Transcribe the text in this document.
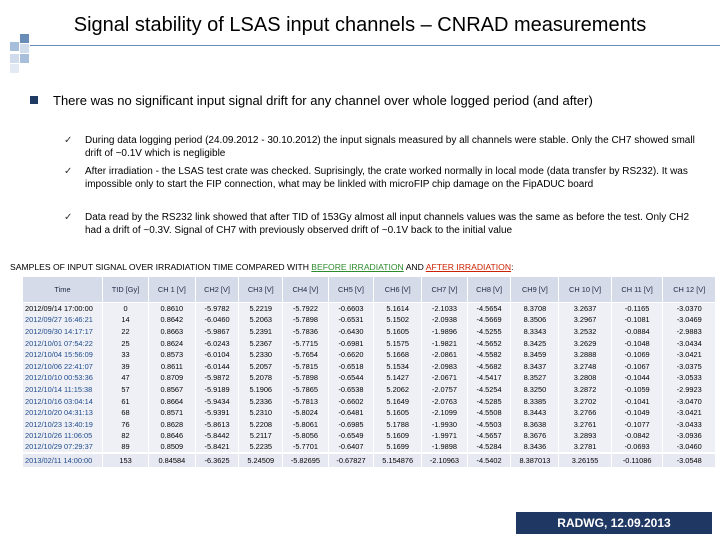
Signal stability of LSAS input channels – CNRAD measurements
There was no significant input signal drift for any channel over whole logged period (and after)
✓ During data logging period (24.09.2012 - 30.10.2012) the input signals measured by all channels were stable. Only the CH7 showed small drift of ~0.1V which is negligible
✓ After irradiation - the LSAS test crate was checked. Suprisingly, the crate worked normally in local mode (data transfer by RS232). It was impossible only to start the FIP connection, what may be linkled with microFIP chip damage on the FipADUC board
✓ Data read by the RS232 link showed that after TID of 153Gy almost all input channels values was the same as before the test. Only CH2 had a drift of ~0.3V. Signal of CH7 with previously observed drift of ~0.1V back to the initial value
SAMPLES OF INPUT SIGNAL OVER IRRADIATION TIME COMPARED WITH BEFORE IRRADIATION AND AFTER IRRADIATION:
Time	TID [Gy]	CH 1 [V]	CH2 [V]	CH3 [V]	CH4 [V]	CH5 [V]	CH6 [V]	CH7 [V]	CH8 [V]	CH9 [V]	CH 10 [V]	CH 11 [V]	CH 12 [V]
2012/09/14 17:00:00	0	0.8610	-5.9782	5.2219	-5.7922	-0.6603	5.1614	-2.1033	-4.5654	8.3708	3.2637	-0.1165	-3.0370
2012/09/27 16:46:21	14	0.8642	-6.0460	5.2063	-5.7898	-0.6531	5.1502	-2.0938	-4.5669	8.3506	3.2967	-0.1081	-3.0469
2012/09/30 14:17:17	22	0.8663	-5.9867	5.2391	-5.7836	-0.6430	5.1605	-1.9896	-4.5255	8.3343	3.2532	-0.0884	-2.9883
2012/10/01 07:54:22	25	0.8624	-6.0243	5.2367	-5.7715	-0.6981	5.1575	-1.9821	-4.5652	8.3425	3.2629	-0.1048	-3.0434
2012/10/04 15:56:09	33	0.8573	-6.0104	5.2330	-5.7654	-0.6620	5.1668	-2.0861	-4.5582	8.3459	3.2888	-0.1069	-3.0421
2012/10/06 22:41:07	39	0.8611	-6.0144	5.2057	-5.7815	-0.6518	5.1534	-2.0983	-4.5682	8.3437	3.2748	-0.1067	-3.0375
2012/10/10 00:53:36	47	0.8709	-5.9872	5.2078	-5.7898	-0.6544	5.1427	-2.0671	-4.5417	8.3527	3.2808	-0.1044	-3.0533
2012/10/14 11:15:38	57	0.8567	-5.9189	5.1906	-5.7865	-0.6538	5.2062	-2.0757	-4.5254	8.3250	3.2872	-0.1059	-2.9923
2012/10/16 03:04:14	61	0.8664	-5.9434	5.2336	-5.7813	-0.6602	5.1649	-2.0763	-4.5285	8.3385	3.2702	-0.1041	-3.0470
2012/10/20 04:31:13	68	0.8571	-5.9391	5.2310	-5.8024	-0.6481	5.1605	-2.1099	-4.5508	8.3443	3.2766	-0.1049	-3.0421
2012/10/23 13:40:19	76	0.8628	-5.8613	5.2208	-5.8061	-0.6985	5.1788	-1.9930	-4.5503	8.3638	3.2761	-0.1077	-3.0433
2012/10/26 11:06:05	82	0.8646	-5.8442	5.2117	-5.8056	-0.6549	5.1609	-1.9971	-4.5657	8.3676	3.2893	-0.0842	-3.0936
2012/10/29 07:29:37	89	0.8509	-5.8421	5.2235	-5.7701	-0.6407	5.1699	-1.9898	-4.5284	8.3436	3.2781	-0.0693	-3.0460
2013/02/11 14:00:00	153	0.84584	-6.3625	5.24509	-5.82695	-0.67827	5.154876	-2.10963	-4.5402	8.387013	3.26155	-0.11086	-3.0548
RADWG, 12.09.2013
